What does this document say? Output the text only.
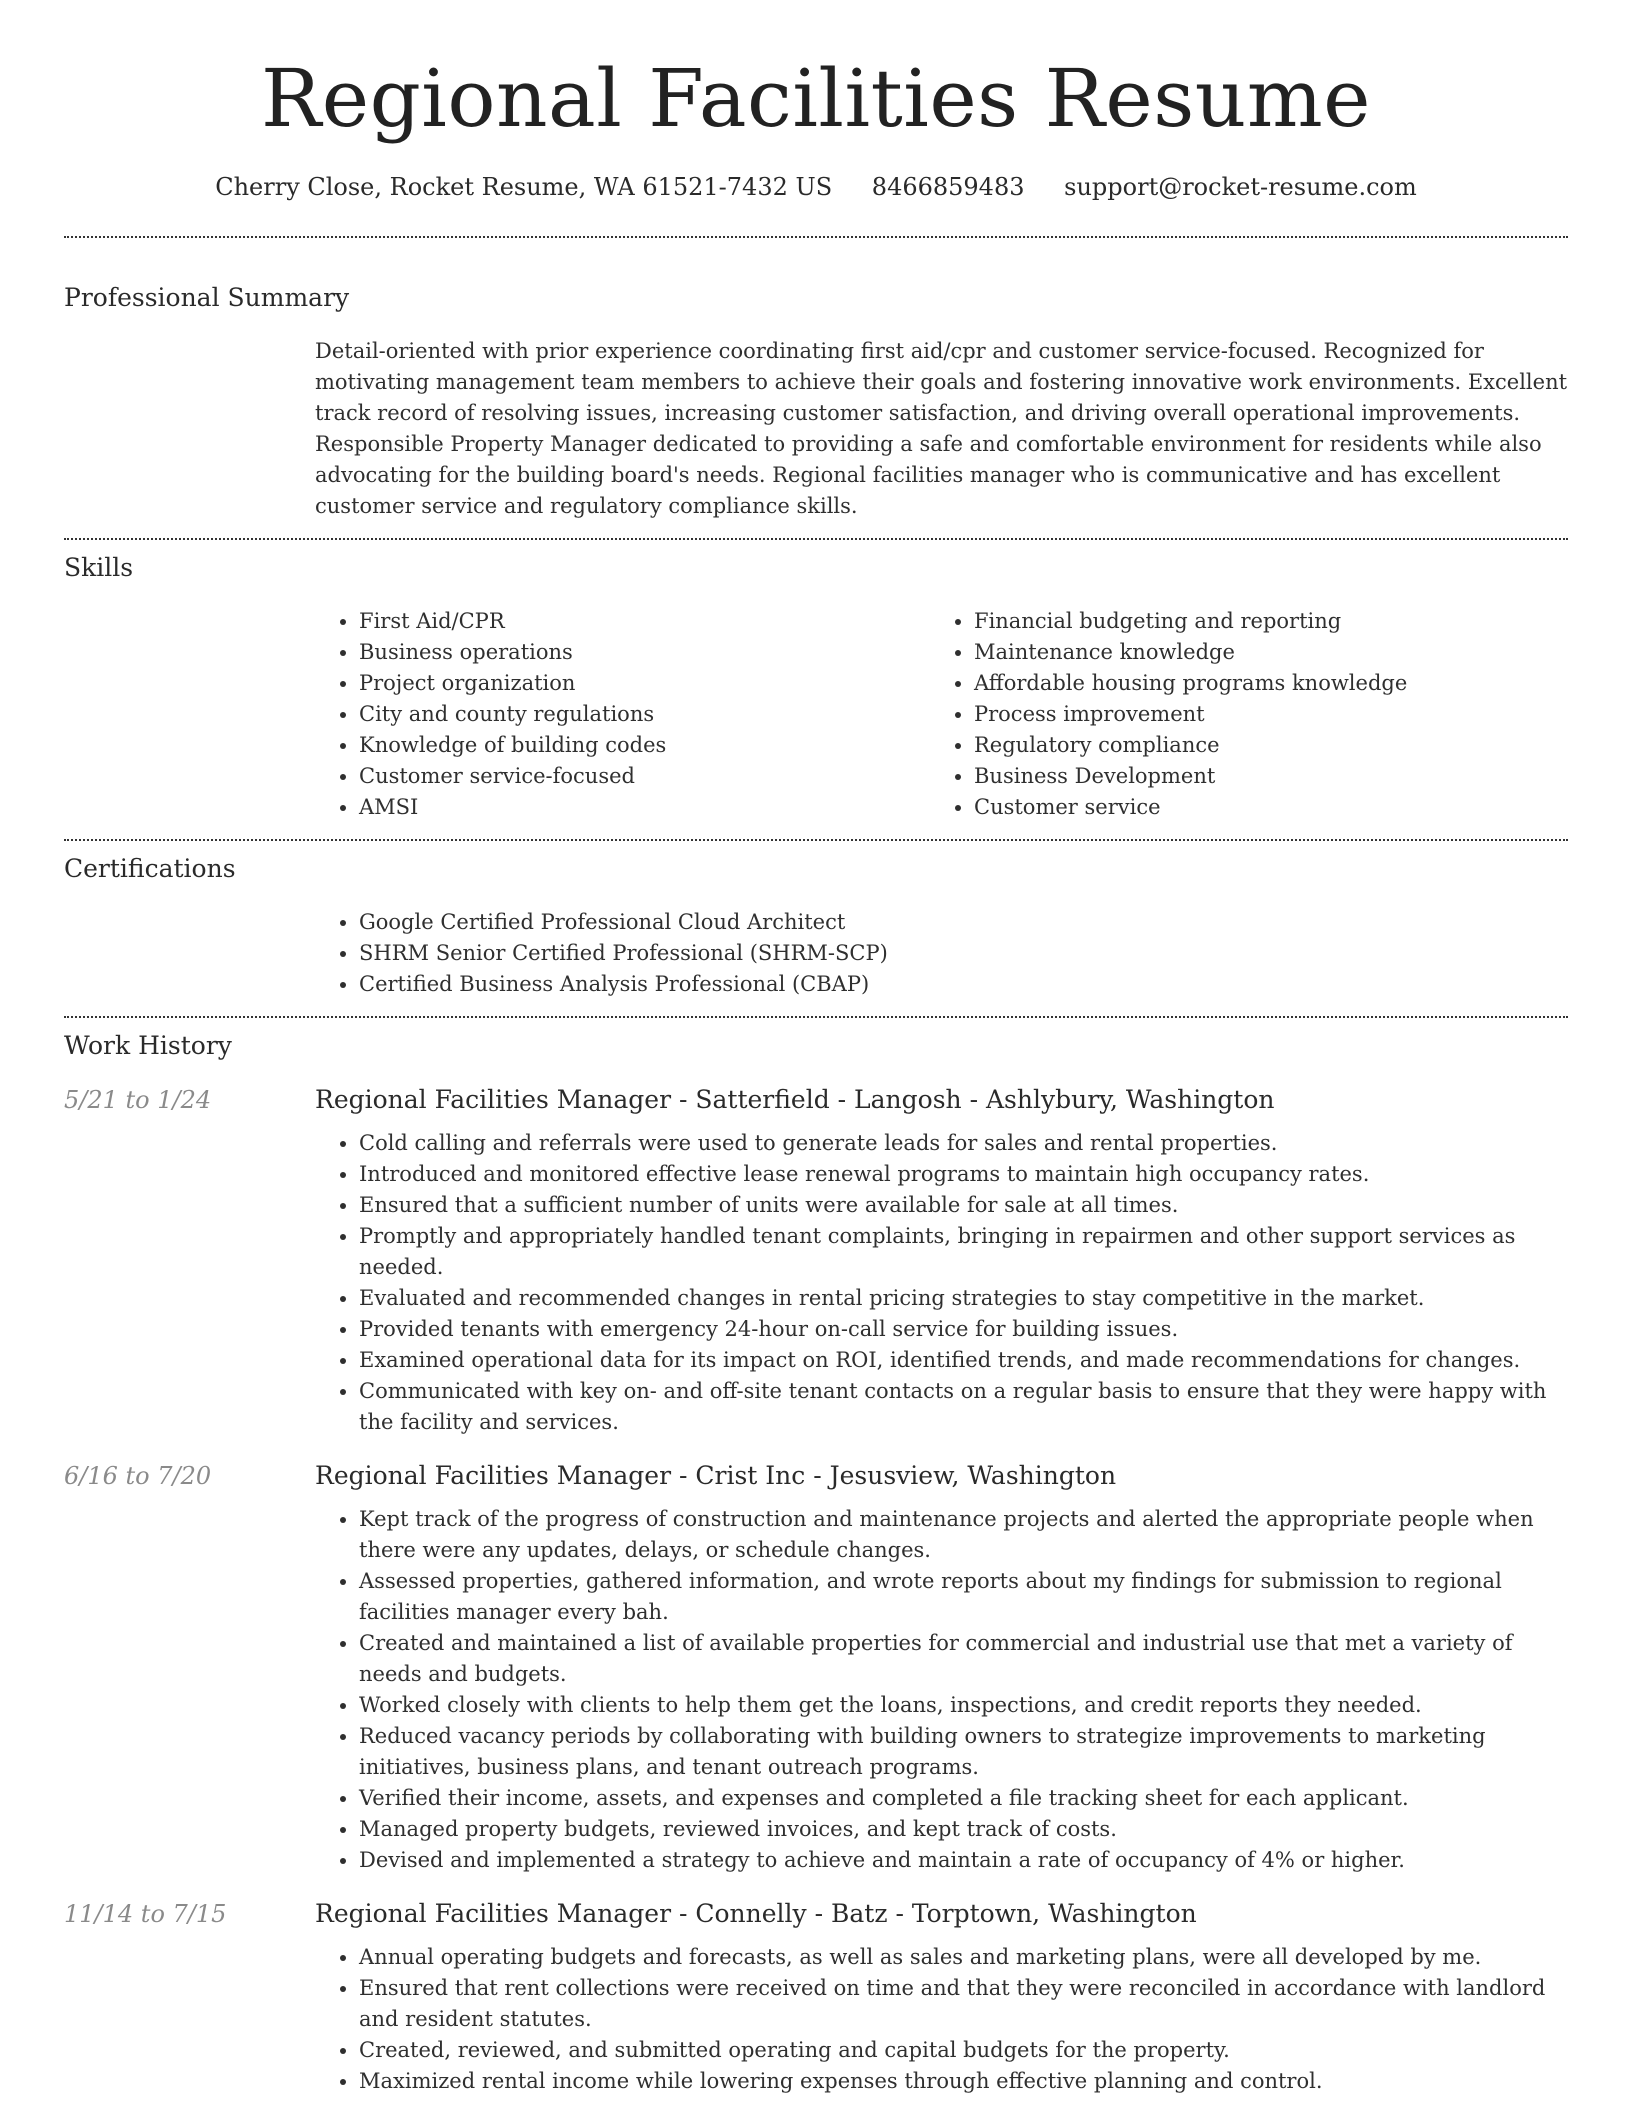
Regional Facilities Resume
Cherry Close, Rocket Resume, WA 61521-7432 US 8466859483 support@rocket-resume.com
Professional Summary
Detail-oriented with prior experience coordinating first aid/cpr and customer service-focused. Recognized for motivating management team members to achieve their goals and fostering innovative work environments. Excellent track record of resolving issues, increasing customer satisfaction, and driving overall operational improvements. Responsible Property Manager dedicated to providing a safe and comfortable environment for residents while also advocating for the building board's needs. Regional facilities manager who is communicative and has excellent customer service and regulatory compliance skills.
Skills
• First Aid/CPR
• Business operations
• Project organization
• City and county regulations
• Knowledge of building codes
• Customer service-focused
• AMSI
• Financial budgeting and reporting
• Maintenance knowledge
• Affordable housing programs knowledge
• Process improvement
• Regulatory compliance
• Business Development
• Customer service
Certifications
• Google Certified Professional Cloud Architect
• SHRM Senior Certified Professional (SHRM-SCP)
• Certified Business Analysis Professional (CBAP)
Work History
5/21 to 1/24	Regional Facilities Manager - Satterfield - Langosh - Ashlybury, Washington
• Cold calling and referrals were used to generate leads for sales and rental properties.
• Introduced and monitored effective lease renewal programs to maintain high occupancy rates.
• Ensured that a sufficient number of units were available for sale at all times.
• Promptly and appropriately handled tenant complaints, bringing in repairmen and other support services as needed.
• Evaluated and recommended changes in rental pricing strategies to stay competitive in the market.
• Provided tenants with emergency 24-hour on-call service for building issues.
• Examined operational data for its impact on ROI, identified trends, and made recommendations for changes.
• Communicated with key on- and off-site tenant contacts on a regular basis to ensure that they were happy with the facility and services.
6/16 to 7/20	Regional Facilities Manager - Crist Inc - Jesusview, Washington
• Kept track of the progress of construction and maintenance projects and alerted the appropriate people when there were any updates, delays, or schedule changes.
• Assessed properties, gathered information, and wrote reports about my findings for submission to regional facilities manager every bah.
• Created and maintained a list of available properties for commercial and industrial use that met a variety of needs and budgets.
• Worked closely with clients to help them get the loans, inspections, and credit reports they needed.
• Reduced vacancy periods by collaborating with building owners to strategize improvements to marketing initiatives, business plans, and tenant outreach programs.
• Verified their income, assets, and expenses and completed a file tracking sheet for each applicant.
• Managed property budgets, reviewed invoices, and kept track of costs.
• Devised and implemented a strategy to achieve and maintain a rate of occupancy of 4% or higher.
11/14 to 7/15	Regional Facilities Manager - Connelly - Batz - Torptown, Washington
• Annual operating budgets and forecasts, as well as sales and marketing plans, were all developed by me.
• Ensured that rent collections were received on time and that they were reconciled in accordance with landlord and resident statutes.
• Created, reviewed, and submitted operating and capital budgets for the property.
• Maximized rental income while lowering expenses through effective planning and control.
